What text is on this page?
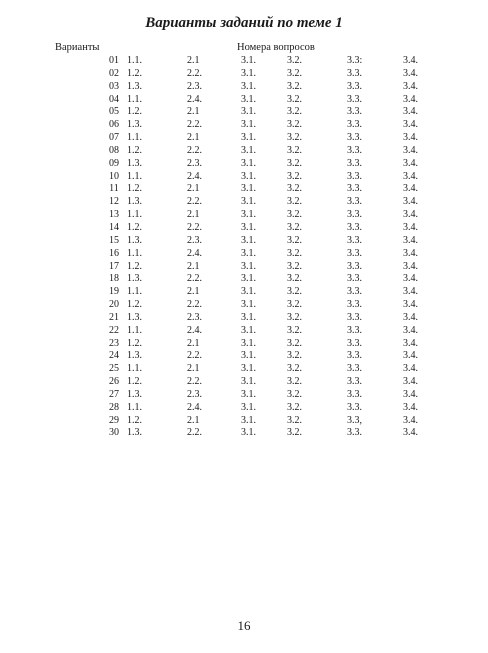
Варианты заданий по теме 1
Варианты	Номера вопросов
01	1.1.	2.1	3.1.	3.2.	3.3:	3.4.
02	1.2.	2.2.	3.1.	3.2.	3.3.	3.4.
03	1.3.	2.3.	3.1.	3.2.	3.3.	3.4.
04	1.1.	2.4.	3.1.	3.2.	3.3.	3.4.
05	1.2.	2.1	3.1.	3.2.	3.3.	3.4.
06	1.3.	2.2.	3.1.	3.2.	3.3.	3.4.
07	1.1.	2.1	3.1.	3.2.	3.3.	3.4.
08	1.2.	2.2.	3.1.	3.2.	3.3.	3.4.
09	1.3.	2.3.	3.1.	3.2.	3.3.	3.4.
10	1.1.	2.4.	3.1.	3.2.	3.3.	3.4.
11	1.2.	2.1	3.1.	3.2.	3.3.	3.4.
12	1.3.	2.2.	3.1.	3.2.	3.3.	3.4.
13	1.1.	2.1	3.1.	3.2.	3.3.	3.4.
14	1.2.	2.2.	3.1.	3.2.	3.3.	3.4.
15	1.3.	2.3.	3.1.	3.2.	3.3.	3.4.
16	1.1.	2.4.	3.1.	3.2.	3.3.	3.4.
17	1.2.	2.1	3.1.	3.2.	3.3.	3.4.
18	1.3.	2.2.	3.1.	3.2.	3.3.	3.4.
19	1.1.	2.1	3.1.	3.2.	3.3.	3.4.
20	1.2.	2.2.	3.1.	3.2.	3.3.	3.4.
21	1.3.	2.3.	3.1.	3.2.	3.3.	3.4.
22	1.1.	2.4.	3.1.	3.2.	3.3.	3.4.
23	1.2.	2.1	3.1.	3.2.	3.3.	3.4.
24	1.3.	2.2.	3.1.	3.2.	3.3.	3.4.
25	1.1.	2.1	3.1.	3.2.	3.3.	3.4.
26	1.2.	2.2.	3.1.	3.2.	3.3.	3.4.
27	1.3.	2.3.	3.1.	3.2.	3.3.	3.4.
28	1.1.	2.4.	3.1.	3.2.	3.3.	3.4.
29	1.2.	2.1	3.1.	3.2.	3.3,	3.4.
30	1.3.	2.2.	3.1.	3.2.	3.3.	3.4.
16
